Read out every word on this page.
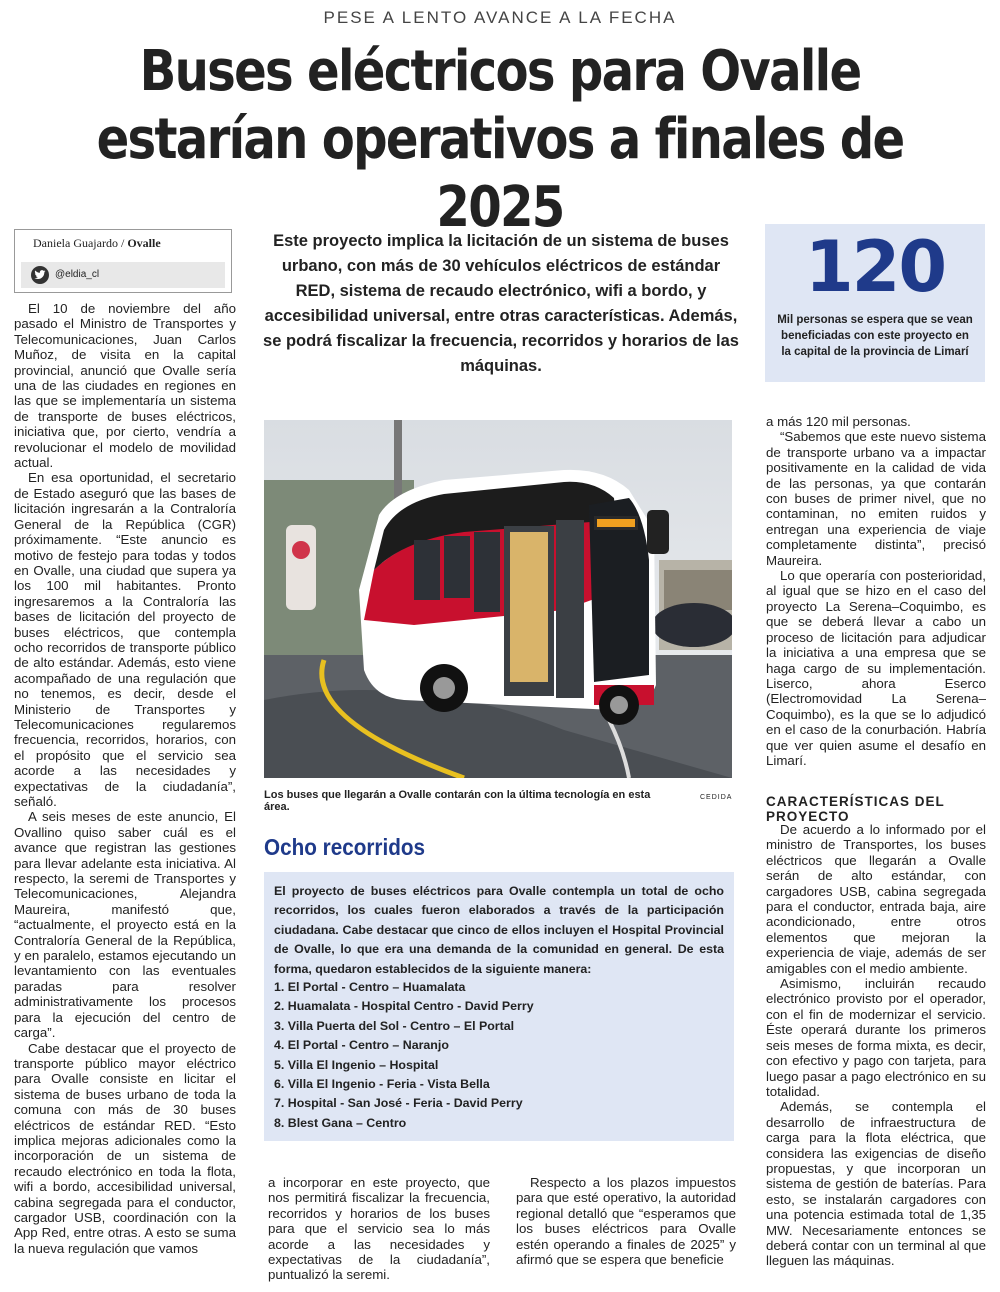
PESE A LENTO AVANCE A LA FECHA
Buses eléctricos para Ovalle estarían operativos a finales de 2025
Daniela Guajardo / Ovalle
@eldia_cl

El 10 de noviembre del año pasado el Ministro de Transportes y Telecomunicaciones, Juan Carlos Muñoz, de visita en la capital provincial, anunció que Ovalle sería una de las ciudades en regiones en las que se implementaría un sistema de transporte de buses eléctricos, iniciativa que, por cierto, vendría a revolucionar el modelo de movilidad actual.

En esa oportunidad, el secretario de Estado aseguró que las bases de licitación ingresarán a la Contraloría General de la República (CGR) próximamente. “Este anuncio es motivo de festejo para todas y todos en Ovalle, una ciudad que supera ya los 100 mil habitantes. Pronto ingresaremos a la Contraloría las bases de licitación del proyecto de buses eléctricos, que contempla ocho recorridos de transporte público de alto estándar. Además, esto viene acompañado de una regulación que no tenemos, es decir, desde el Ministerio de Transportes y Telecomunicaciones regularemos frecuencia, recorridos, horarios, con el propósito que el servicio sea acorde a las necesidades y expectativas de la ciudadanía”, señaló.

A seis meses de este anuncio, El Ovallino quiso saber cuál es el avance que registran las gestiones para llevar adelante esta iniciativa. Al respecto, la seremi de Transportes y Telecomunicaciones, Alejandra Maureira, manifestó que, “actualmente, el proyecto está en la Contraloría General de la República, y en paralelo, estamos ejecutando un levantamiento con las eventuales paradas para resolver administrativamente los procesos para la ejecución del centro de carga”.

Cabe destacar que el proyecto de transporte público mayor eléctrico para Ovalle consiste en licitar el sistema de buses urbano de toda la comuna con más de 30 buses eléctricos de estándar RED. “Esto implica mejoras adicionales como la incorporación de un sistema de recaudo electrónico en toda la flota, wifi a bordo, accesibilidad universal, cabina segregada para el conductor, cargador USB, coordinación con la App Red, entre otras. A esto se suma la nueva regulación que vamos

Este proyecto implica la licitación de un sistema de buses urbano, con más de 30 vehículos eléctricos de estándar RED, sistema de recaudo electrónico, wifi a bordo, y accesibilidad universal, entre otras características. Además, se podrá fiscalizar la frecuencia, recorridos y horarios de las máquinas.
120
Mil personas se espera que se vean beneficiadas con este proyecto en la capital de la provincia de Limarí
RED
Los buses que llegarán a Ovalle contarán con la última tecnología en esta área.
CEDIDA
Ocho recorridos
El proyecto de buses eléctricos para Ovalle contempla un total de ocho recorridos, los cuales fueron elaborados a través de la participación ciudadana. Cabe destacar que cinco de ellos incluyen el Hospital Provincial de Ovalle, lo que era una demanda de la comunidad en general. De esta forma, quedaron establecidos de la siguiente manera:
1. El Portal - Centro – Huamalata
2. Huamalata - Hospital Centro - David Perry
3. Villa Puerta del Sol - Centro – El Portal
4. El Portal - Centro – Naranjo
5. Villa El Ingenio – Hospital
6. Villa El Ingenio - Feria - Vista Bella
7. Hospital - San José - Feria - David Perry
8. Blest Gana – Centro

a incorporar en este proyecto, que nos permitirá fiscalizar la frecuencia, recorridos y horarios de los buses para que el servicio sea lo más acorde a las necesidades y expectativas de la ciudadanía”, puntualizó la seremi.

Respecto a los plazos impuestos para que esté operativo, la autoridad regional detalló que “esperamos que los buses eléctricos para Ovalle estén operando a finales de 2025” y afirmó que se espera que beneficie

a más 120 mil personas.

“Sabemos que este nuevo sistema de transporte urbano va a impactar positivamente en la calidad de vida de las personas, ya que contarán con buses de primer nivel, que no contaminan, no emiten ruidos y entregan una experiencia de viaje completamente distinta”, precisó Maureira.

Lo que operaría con posterioridad, al igual que se hizo en el caso del proyecto La Serena–Coquimbo, es que se deberá llevar a cabo un proceso de licitación para adjudicar la iniciativa a una empresa que se haga cargo de su implementación. Liserco, ahora Eserco (Electromovidad La Serena–Coquimbo), es la que se lo adjudicó en el caso de la conurbación. Habría que ver quien asume el desafío en Limarí.

CARACTERÍSTICAS DEL PROYECTO

De acuerdo a lo informado por el ministro de Transportes, los buses eléctricos que llegarán a Ovalle serán de alto estándar, con cargadores USB, cabina segregada para el conductor, entrada baja, aire acondicionado, entre otros elementos que mejoran la experiencia de viaje, además de ser amigables con el medio ambiente.

Asimismo, incluirán recaudo electrónico provisto por el operador, con el fin de modernizar el servicio. Éste operará durante los primeros seis meses de forma mixta, es decir, con efectivo y pago con tarjeta, para luego pasar a pago electrónico en su totalidad.

Además, se contempla el desarrollo de infraestructura de carga para la flota eléctrica, que considera las exigencias de diseño propuestas, y que incorporan un sistema de gestión de baterías. Para esto, se instalarán cargadores con una potencia estimada total de 1,35 MW. Necesariamente entonces se deberá contar con un terminal al que lleguen las máquinas.
